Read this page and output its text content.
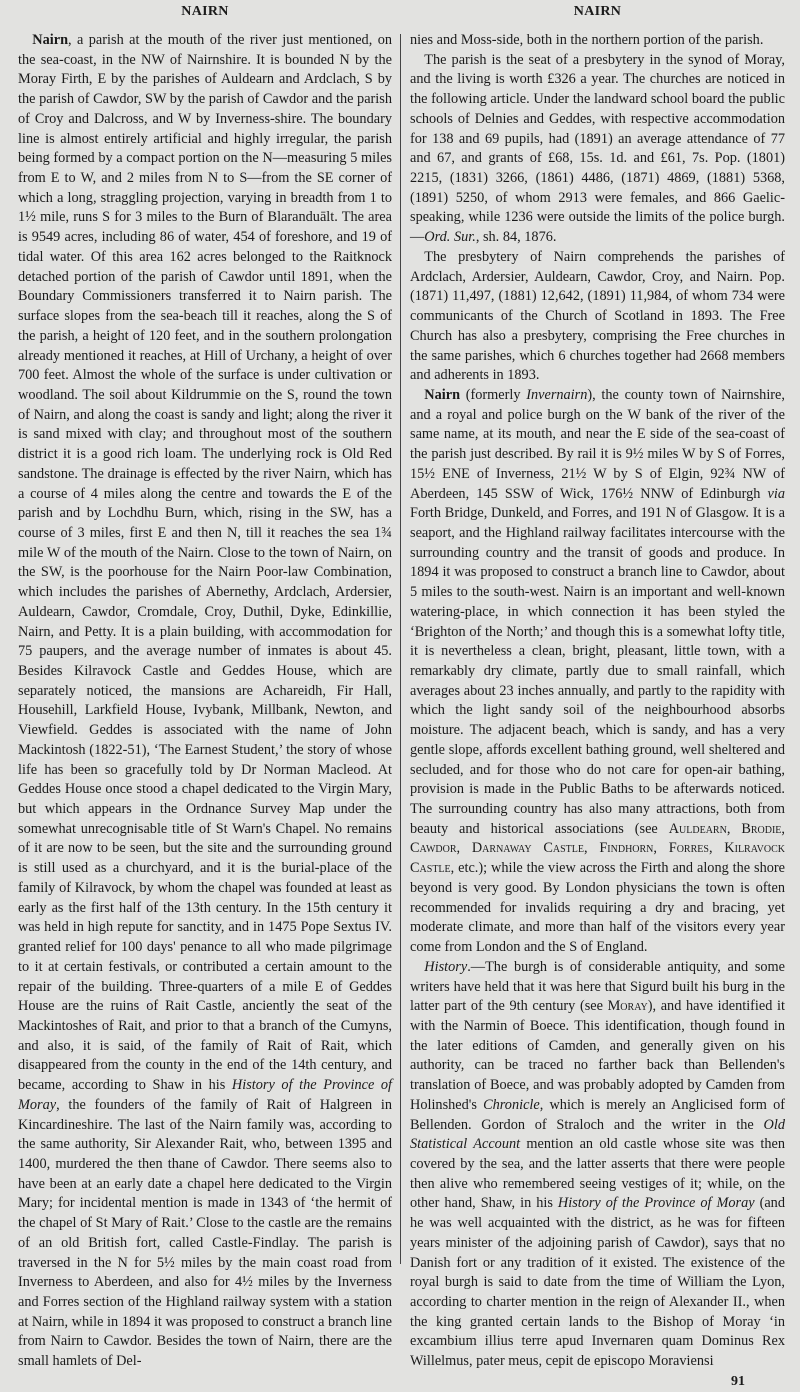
NAIRN	NAIRN

Nairn, a parish at the mouth of the river just mentioned, on the sea-coast, in the NW of Nairnshire. It is bounded N by the Moray Firth, E by the parishes of Auldearn and Ardclach, S by the parish of Cawdor, SW by the parish of Cawdor and the parish of Croy and Dalcross, and W by Inverness-shire. The boundary line is almost entirely artificial and highly irregular, the parish being formed by a compact portion on the N—measuring 5 miles from E to W, and 2 miles from N to S—from the SE corner of which a long, straggling projection, varying in breadth from 1 to 1½ mile, runs S for 3 miles to the Burn of Blaranduālt. The area is 9549 acres, including 86 of water, 454 of foreshore, and 19 of tidal water. Of this area 162 acres belonged to the Raitknock detached portion of the parish of Cawdor until 1891, when the Boundary Commissioners transferred it to Nairn parish. The surface slopes from the sea-beach till it reaches, along the S of the parish, a height of 120 feet, and in the southern prolongation already mentioned it reaches, at Hill of Urchany, a height of over 700 feet. Almost the whole of the surface is under cultivation or woodland. The soil about Kildrummie on the S, round the town of Nairn, and along the coast is sandy and light; along the river it is sand mixed with clay; and throughout most of the southern district it is a good rich loam. The underlying rock is Old Red sandstone. The drainage is effected by the river Nairn, which has a course of 4 miles along the centre and towards the E of the parish and by Lochdhu Burn, which, rising in the SW, has a course of 3 miles, first E and then N, till it reaches the sea 1¾ mile W of the mouth of the Nairn. Close to the town of Nairn, on the SW, is the poorhouse for the Nairn Poor-law Combination, which includes the parishes of Abernethy, Ardclach, Ardersier, Auldearn, Cawdor, Cromdale, Croy, Duthil, Dyke, Edinkillie, Nairn, and Petty. It is a plain building, with accommodation for 75 paupers, and the average number of inmates is about 45. Besides Kilravock Castle and Geddes House, which are separately noticed, the mansions are Achareidh, Fir Hall, Househill, Larkfield House, Ivybank, Millbank, Newton, and Viewfield. Geddes is associated with the name of John Mackintosh (1822-51), ‘The Earnest Student,’ the story of whose life has been so gracefully told by Dr Norman Macleod. At Geddes House once stood a chapel dedicated to the Virgin Mary, but which appears in the Ordnance Survey Map under the somewhat unrecognisable title of St Warn's Chapel. No remains of it are now to be seen, but the site and the surrounding ground is still used as a churchyard, and it is the burial-place of the family of Kilravock, by whom the chapel was founded at least as early as the first half of the 13th century. In the 15th century it was held in high repute for sanctity, and in 1475 Pope Sextus IV. granted relief for 100 days' penance to all who made pilgrimage to it at certain festivals, or contributed a certain amount to the repair of the building. Three-quarters of a mile E of Geddes House are the ruins of Rait Castle, anciently the seat of the Mackintoshes of Rait, and prior to that a branch of the Cumyns, and also, it is said, of the family of Rait of Rait, which disappeared from the county in the end of the 14th century, and became, according to Shaw in his History of the Province of Moray, the founders of the family of Rait of Halgreen in Kincardineshire. The last of the Nairn family was, according to the same authority, Sir Alexander Rait, who, between 1395 and 1400, murdered the then thane of Cawdor. There seems also to have been at an early date a chapel here dedicated to the Virgin Mary; for incidental mention is made in 1343 of ‘the hermit of the chapel of St Mary of Rait.’ Close to the castle are the remains of an old British fort, called Castle-Findlay. The parish is traversed in the N for 5½ miles by the main coast road from Inverness to Aberdeen, and also for 4½ miles by the Inverness and Forres section of the Highland railway system with a station at Nairn, while in 1894 it was proposed to construct a branch line from Nairn to Cawdor. Besides the town of Nairn, there are the small hamlets of Del-

nies and Moss-side, both in the northern portion of the parish.

The parish is the seat of a presbytery in the synod of Moray, and the living is worth £326 a year. The churches are noticed in the following article. Under the landward school board the public schools of Delnies and Geddes, with respective accommodation for 138 and 69 pupils, had (1891) an average attendance of 77 and 67, and grants of £68, 15s. 1d. and £61, 7s. Pop. (1801) 2215, (1831) 3266, (1861) 4486, (1871) 4869, (1881) 5368, (1891) 5250, of whom 2913 were females, and 866 Gaelic-speaking, while 1236 were outside the limits of the police burgh.—Ord. Sur., sh. 84, 1876.

The presbytery of Nairn comprehends the parishes of Ardclach, Ardersier, Auldearn, Cawdor, Croy, and Nairn. Pop. (1871) 11,497, (1881) 12,642, (1891) 11,984, of whom 734 were communicants of the Church of Scotland in 1893. The Free Church has also a presbytery, comprising the Free churches in the same parishes, which 6 churches together had 2668 members and adherents in 1893.

Nairn (formerly Invernairn), the county town of Nairnshire, and a royal and police burgh on the W bank of the river of the same name, at its mouth, and near the E side of the sea-coast of the parish just described. By rail it is 9½ miles W by S of Forres, 15½ ENE of Inverness, 21½ W by S of Elgin, 92¾ NW of Aberdeen, 145 SSW of Wick, 176½ NNW of Edinburgh via Forth Bridge, Dunkeld, and Forres, and 191 N of Glasgow. It is a seaport, and the Highland railway facilitates intercourse with the surrounding country and the transit of goods and produce. In 1894 it was proposed to construct a branch line to Cawdor, about 5 miles to the south-west. Nairn is an important and well-known watering-place, in which connection it has been styled the ‘Brighton of the North;’ and though this is a somewhat lofty title, it is nevertheless a clean, bright, pleasant, little town, with a remarkably dry climate, partly due to small rainfall, which averages about 23 inches annually, and partly to the rapidity with which the light sandy soil of the neighbourhood absorbs moisture. The adjacent beach, which is sandy, and has a very gentle slope, affords excellent bathing ground, well sheltered and secluded, and for those who do not care for open-air bathing, provision is made in the Public Baths to be afterwards noticed. The surrounding country has also many attractions, both from beauty and historical associations (see Auldearn, Brodie, Cawdor, Darnaway Castle, Findhorn, Forres, Kilravock Castle, etc.); while the view across the Firth and along the shore beyond is very good. By London physicians the town is often recommended for invalids requiring a dry and bracing, yet moderate climate, and more than half of the visitors every year come from London and the S of England.

History.—The burgh is of considerable antiquity, and some writers have held that it was here that Sigurd built his burg in the latter part of the 9th century (see Moray), and have identified it with the Narmin of Boece. This identification, though found in the later editions of Camden, and generally given on his authority, can be traced no farther back than Bellenden's translation of Boece, and was probably adopted by Camden from Holinshed's Chronicle, which is merely an Anglicised form of Bellenden. Gordon of Straloch and the writer in the Old Statistical Account mention an old castle whose site was then covered by the sea, and the latter asserts that there were people then alive who remembered seeing vestiges of it; while, on the other hand, Shaw, in his History of the Province of Moray (and he was well acquainted with the district, as he was for fifteen years minister of the adjoining parish of Cawdor), says that no Danish fort or any tradition of it existed. The existence of the royal burgh is said to date from the time of William the Lyon, according to charter mention in the reign of Alexander II., when the king granted certain lands to the Bishop of Moray ‘in excambium illius terre apud Invernaren quam Dominus Rex Willelmus, pater meus, cepit de episcopo Moraviensi

91
